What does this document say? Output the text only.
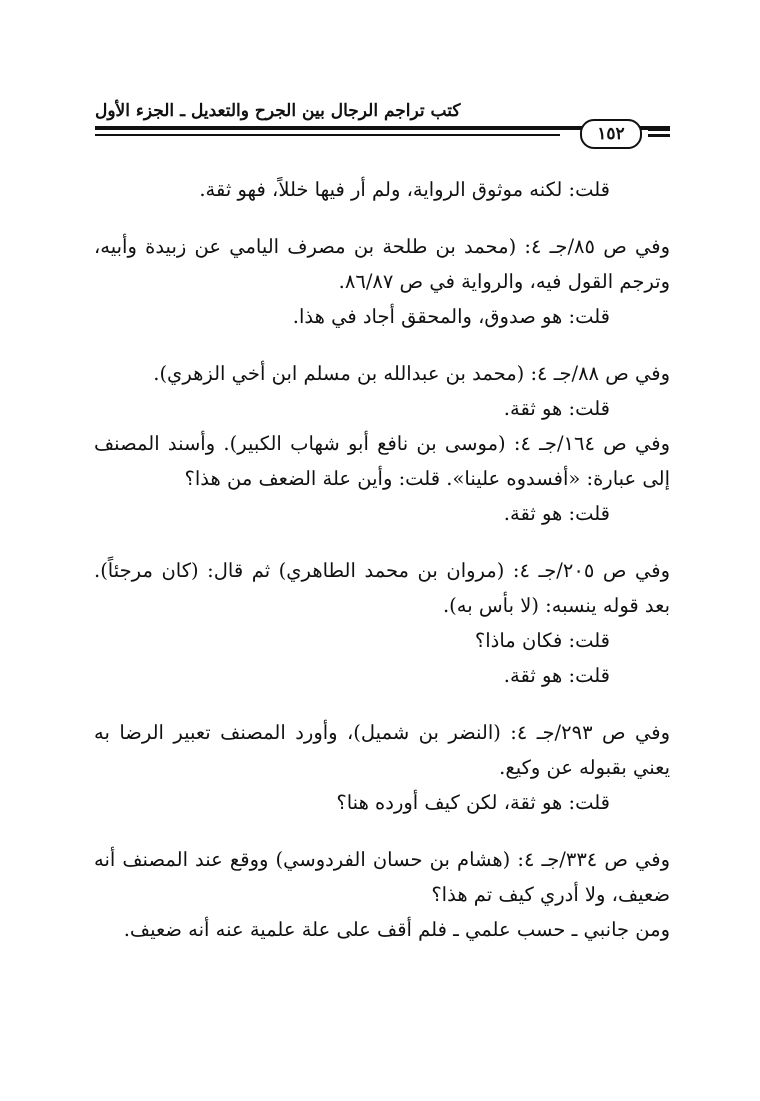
كتب تراجم الرجال بين الجرح والتعديل ـ الجزء الأول
١٥٢

قلت: لكنه موثوق الرواية، ولم أر فيها خللاً، فهو ثقة.

وفي ص ٨٥/جـ ٤: (محمد بن طلحة بن مصرف اليامي عن زبيدة وأبيه، وترجم القول فيه، والرواية في ص ٨٦/٨٧.

قلت: هو صدوق، والمحقق أجاد في هذا.

وفي ص ٨٨/جـ ٤: (محمد بن عبدالله بن مسلم ابن أخي الزهري).

قلت: هو ثقة.

وفي ص ١٦٤/جـ ٤: (موسى بن نافع أبو شهاب الكبير). وأسند المصنف إلى عبارة: «أفسدوه علينا». قلت: وأين علة الضعف من هذا؟

قلت: هو ثقة.

وفي ص ٢٠٥/جـ ٤: (مروان بن محمد الطاهري) ثم قال: (كان مرجئاً). بعد قوله ينسبه: (لا بأس به).

قلت: فكان ماذا؟

قلت: هو ثقة.

وفي ص ٢٩٣/جـ ٤: (النضر بن شميل)، وأورد المصنف تعبير الرضا به يعني بقبوله عن وكيع.

قلت: هو ثقة، لكن كيف أورده هنا؟

وفي ص ٣٣٤/جـ ٤: (هشام بن حسان الفردوسي) ووقع عند المصنف أنه ضعيف، ولا أدري كيف تم هذا؟

ومن جانبي ـ حسب علمي ـ فلم أقف على علة علمية عنه أنه ضعيف.
